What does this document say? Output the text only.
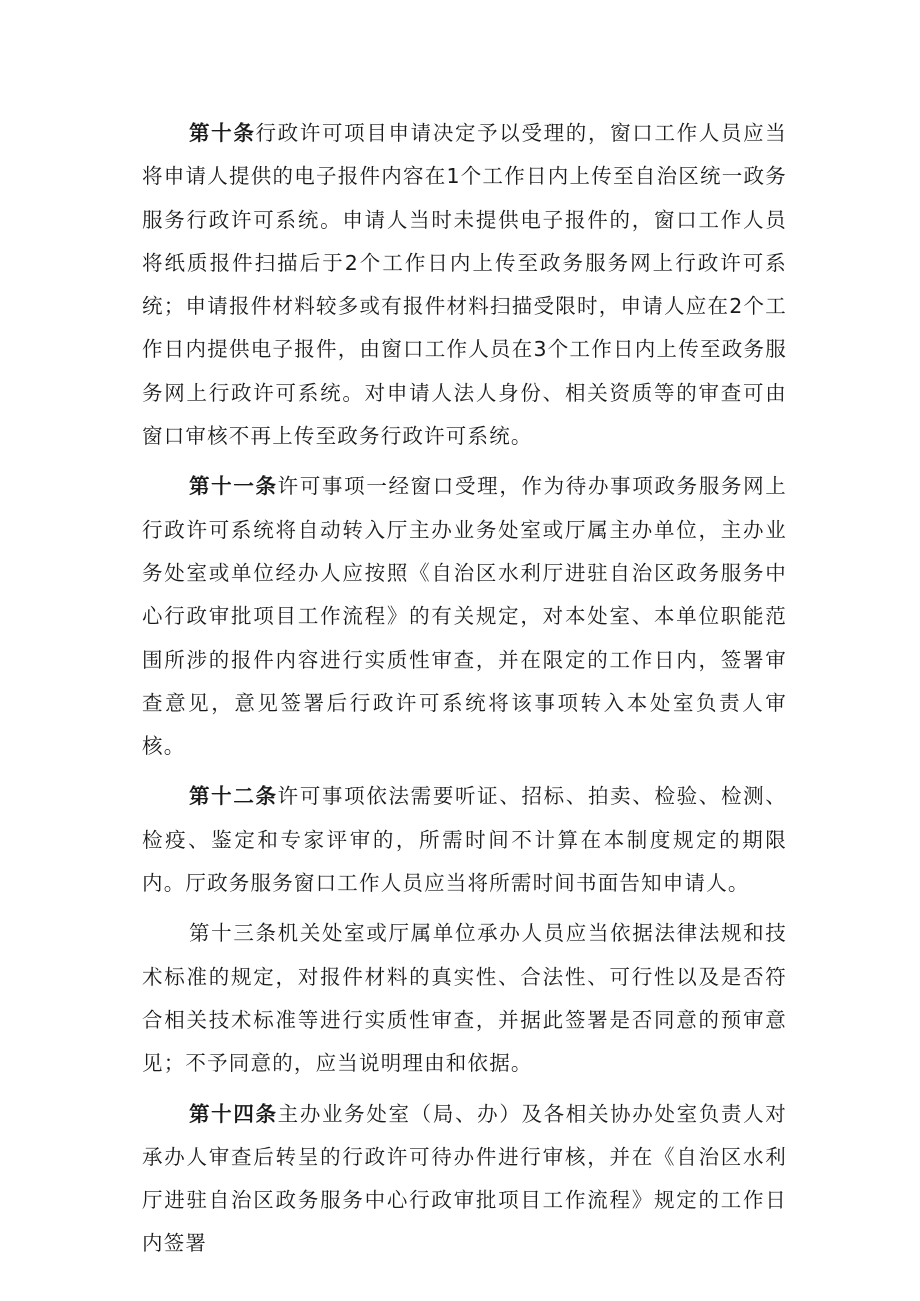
第十条行政许可项目申请决定予以受理的，窗口工作人员应当将申请人提供的电子报件内容在1个工作日内上传至自治区统一政务服务行政许可系统。申请人当时未提供电子报件的，窗口工作人员将纸质报件扫描后于2个工作日内上传至政务服务网上行政许可系统；申请报件材料较多或有报件材料扫描受限时，申请人应在2个工作日内提供电子报件，由窗口工作人员在3个工作日内上传至政务服务网上行政许可系统。对申请人法人身份、相关资质等的审查可由窗口审核不再上传至政务行政许可系统。

第十一条许可事项一经窗口受理，作为待办事项政务服务网上行政许可系统将自动转入厅主办业务处室或厅属主办单位，主办业务处室或单位经办人应按照《自治区水利厅进驻自治区政务服务中心行政审批项目工作流程》的有关规定，对本处室、本单位职能范围所涉的报件内容进行实质性审查，并在限定的工作日内，签署审查意见，意见签署后行政许可系统将该事项转入本处室负责人审核。

第十二条许可事项依法需要听证、招标、拍卖、检验、检测、检疫、鉴定和专家评审的，所需时间不计算在本制度规定的期限内。厅政务服务窗口工作人员应当将所需时间书面告知申请人。

第十三条机关处室或厅属单位承办人员应当依据法律法规和技术标准的规定，对报件材料的真实性、合法性、可行性以及是否符合相关技术标准等进行实质性审查，并据此签署是否同意的预审意见；不予同意的，应当说明理由和依据。

第十四条主办业务处室（局、办）及各相关协办处室负责人对承办人审查后转呈的行政许可待办件进行审核，并在《自治区水利厅进驻自治区政务服务中心行政审批项目工作流程》规定的工作日内签署
